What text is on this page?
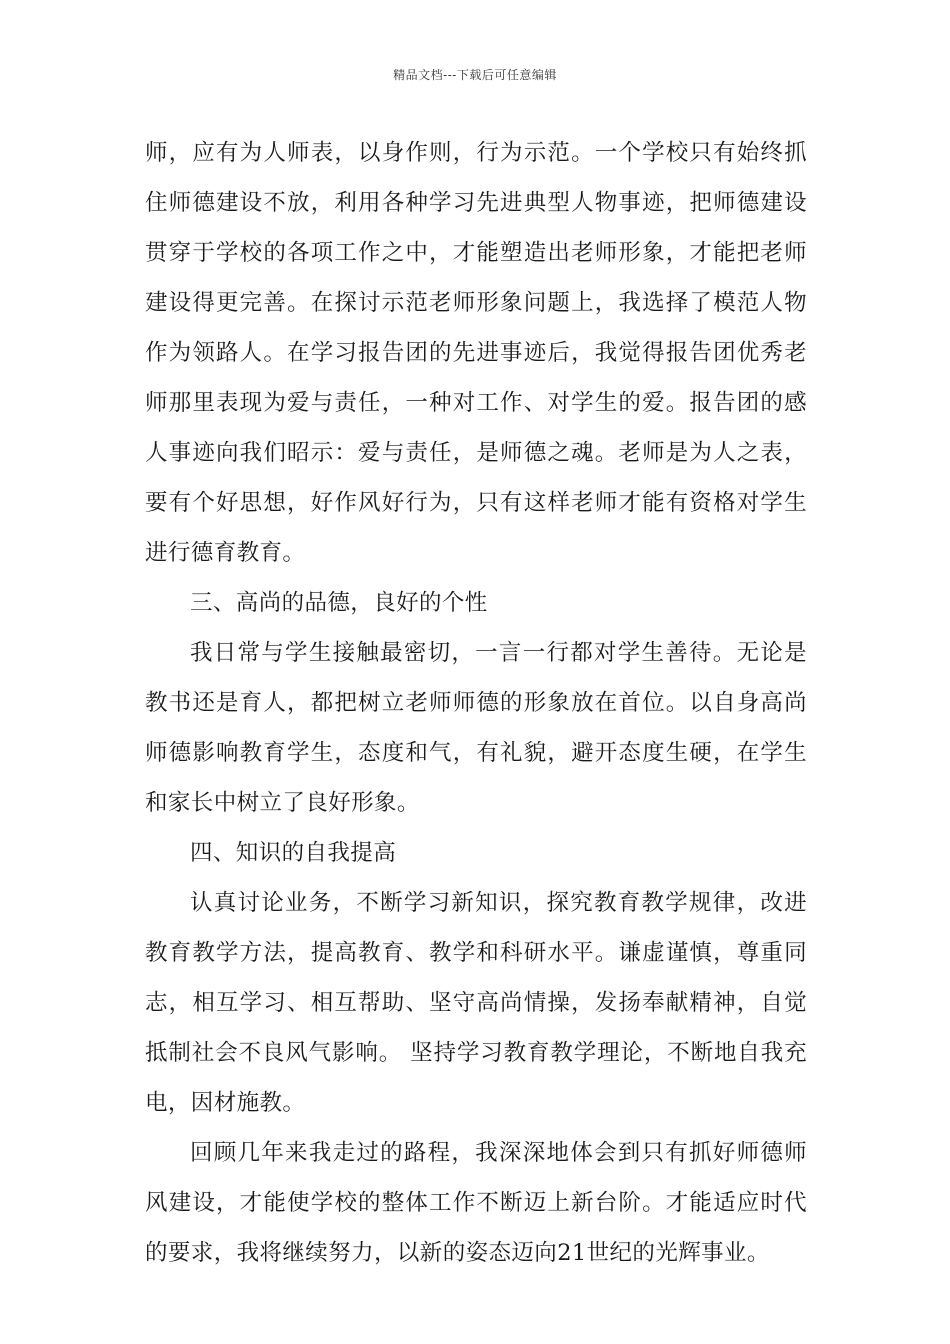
精品文档---下载后可任意编辑

师，应有为人师表，以身作则，行为示范。一个学校只有始终抓住师德建设不放，利用各种学习先进典型人物事迹，把师德建设贯穿于学校的各项工作之中，才能塑造出老师形象，才能把老师建设得更完善。在探讨示范老师形象问题上，我选择了模范人物作为领路人。在学习报告团的先进事迹后，我觉得报告团优秀老师那里表现为爱与责任，一种对工作、对学生的爱。报告团的感人事迹向我们昭示：爱与责任，是师德之魂。老师是为人之表，要有个好思想，好作风好行为，只有这样老师才能有资格对学生进行德育教育。

三、高尚的品德，良好的个性

我日常与学生接触最密切，一言一行都对学生善待。无论是教书还是育人，都把树立老师师德的形象放在首位。以自身高尚师德影响教育学生，态度和气，有礼貌，避开态度生硬，在学生和家长中树立了良好形象。

四、知识的自我提高

认真讨论业务，不断学习新知识，探究教育教学规律，改进教育教学方法，提高教育、教学和科研水平。谦虚谨慎，尊重同志，相互学习、相互帮助、坚守高尚情操，发扬奉献精神，自觉抵制社会不良风气影响。 坚持学习教育教学理论，不断地自我充电，因材施教。

回顾几年来我走过的路程，我深深地体会到只有抓好师德师风建设，才能使学校的整体工作不断迈上新台阶。才能适应时代的要求，我将继续努力，以新的姿态迈向21世纪的光辉事业。
